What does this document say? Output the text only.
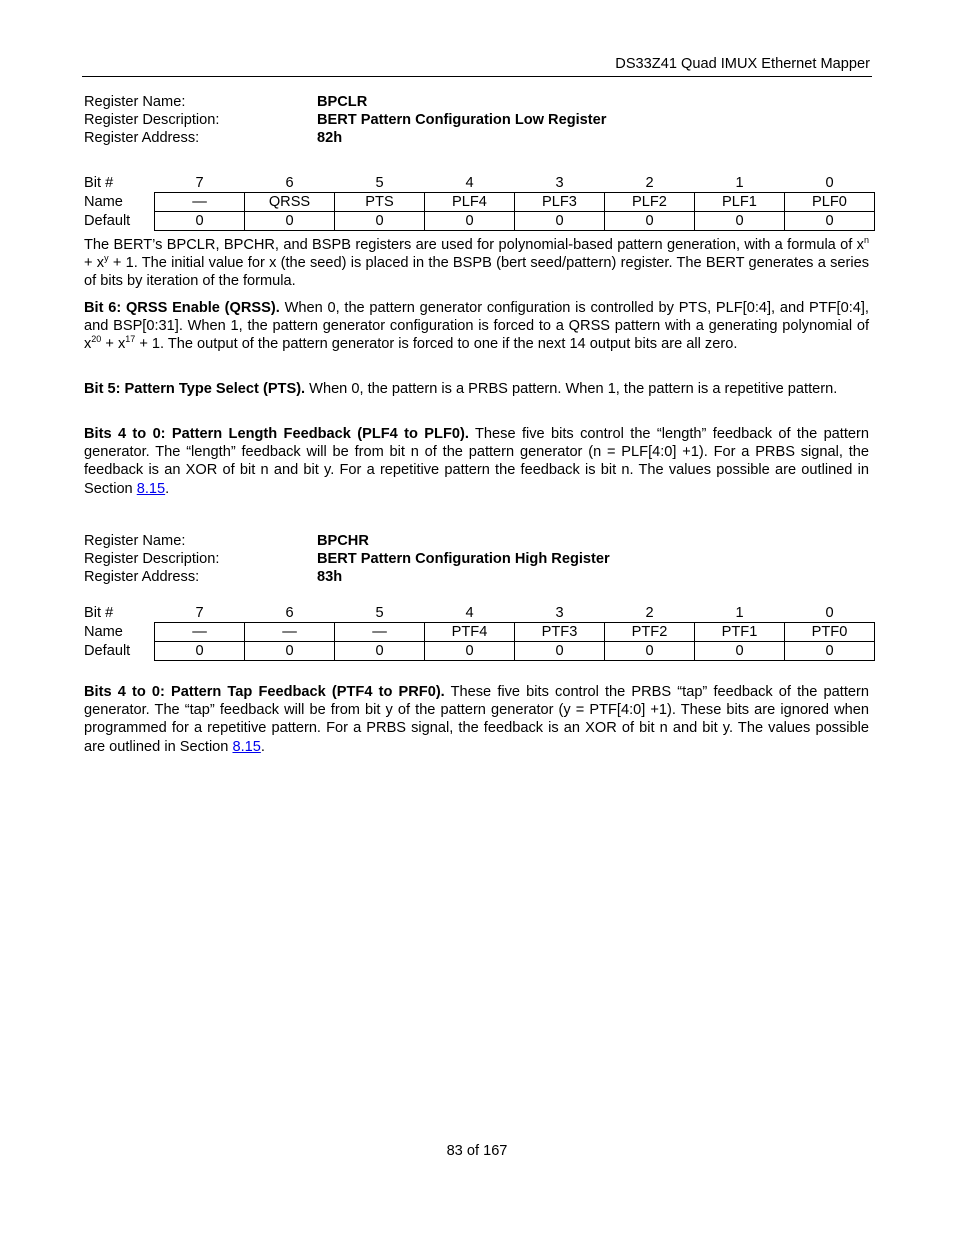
DS33Z41 Quad IMUX Ethernet Mapper
Register Name:	BPCLR
Register Description:	BERT Pattern Configuration Low Register
Register Address:	82h
Bit #	7	6	5	4	3	2	1	0
Name	—	QRSS	PTS	PLF4	PLF3	PLF2	PLF1	PLF0
Default	0	0	0	0	0	0	0	0

The BERT’s BPCLR, BPCHR, and BSPB registers are used for polynomial-based pattern generation, with a formula of $x^n + x^y + 1$. The initial value for x (the seed) is placed in the BSPB (bert seed/pattern) register. The BERT generates a series of bits by iteration of the formula.

Bit 6: QRSS Enable (QRSS). When 0, the pattern generator configuration is controlled by PTS, PLF[0:4], and PTF[0:4], and BSP[0:31]. When 1, the pattern generator configuration is forced to a QRSS pattern with a generating polynomial of $x^{20} + x^{17} + 1$. The output of the pattern generator is forced to one if the next 14 output bits are all zero.

Bit 5: Pattern Type Select (PTS). When 0, the pattern is a PRBS pattern. When 1, the pattern is a repetitive pattern.

Bits 4 to 0: Pattern Length Feedback (PLF4 to PLF0). These five bits control the “length” feedback of the pattern generator. The “length” feedback will be from bit n of the pattern generator (n = PLF[4:0] +1). For a PRBS signal, the feedback is an XOR of bit n and bit y. For a repetitive pattern the feedback is bit n. The values possible are outlined in Section 8.15.

Register Name:	BPCHR
Register Description:	BERT Pattern Configuration High Register
Register Address:	83h
Bit #	7	6	5	4	3	2	1	0
Name	—	—	—	PTF4	PTF3	PTF2	PTF1	PTF0
Default	0	0	0	0	0	0	0	0

Bits 4 to 0: Pattern Tap Feedback (PTF4 to PRF0). These five bits control the PRBS “tap” feedback of the pattern generator. The “tap” feedback will be from bit y of the pattern generator (y = PTF[4:0] +1). These bits are ignored when programmed for a repetitive pattern. For a PRBS signal, the feedback is an XOR of bit n and bit y. The values possible are outlined in Section 8.15.

83 of 167
